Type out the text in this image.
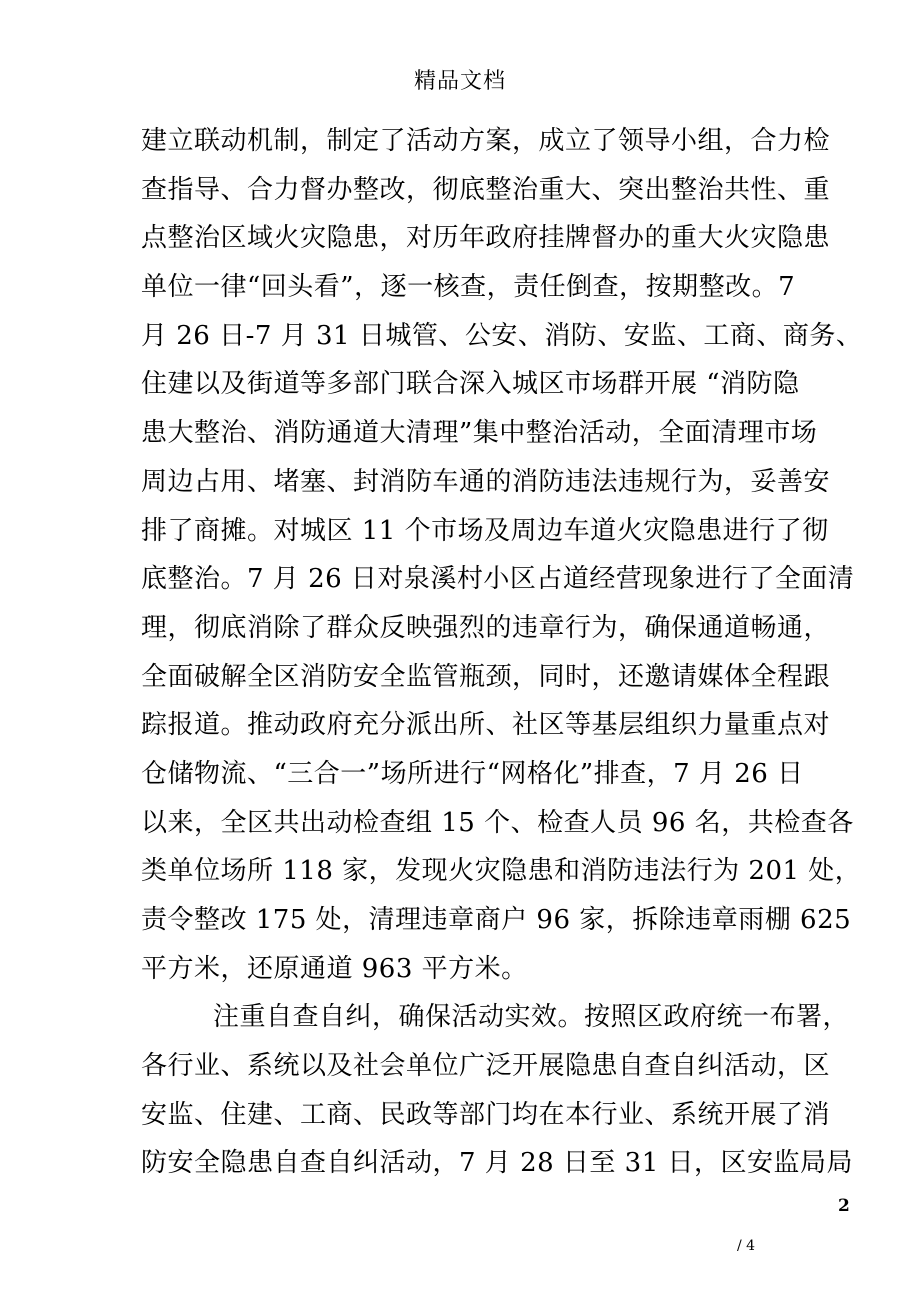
精品文档
建立联动机制，制定了活动方案，成立了领导小组，合力检
查指导、合力督办整改，彻底整治重大、突出整治共性、重
点整治区域火灾隐患，对历年政府挂牌督办的重大火灾隐患
单位一律“回头看”，逐一核查，责任倒查，按期整改。7
月 26 日-7 月 31 日城管、公安、消防、安监、工商、商务、
住建以及街道等多部门联合深入城区市场群开展 “消防隐
患大整治、消防通道大清理”集中整治活动，全面清理市场
周边占用、堵塞、封消防车通的消防违法违规行为，妥善安
排了商摊。对城区 11 个市场及周边车道火灾隐患进行了彻
底整治。7 月 26 日对泉溪村小区占道经营现象进行了全面清
理，彻底消除了群众反映强烈的违章行为，确保通道畅通，
全面破解全区消防安全监管瓶颈，同时，还邀请媒体全程跟
踪报道。推动政府充分派出所、社区等基层组织力量重点对
仓储物流、“三合一”场所进行“网格化”排查，7 月 26 日
以来，全区共出动检查组 15 个、检查人员 96 名，共检查各
类单位场所 118 家，发现火灾隐患和消防违法行为 201 处，
责令整改 175 处，清理违章商户 96 家，拆除违章雨棚 625
平方米，还原通道 963 平方米。
注重自查自纠，确保活动实效。按照区政府统一布署，
各行业、系统以及社会单位广泛开展隐患自查自纠活动，区
安监、住建、工商、民政等部门均在本行业、系统开展了消
防安全隐患自查自纠活动，7 月 28 日至 31 日，区安监局局
2
/ 4
